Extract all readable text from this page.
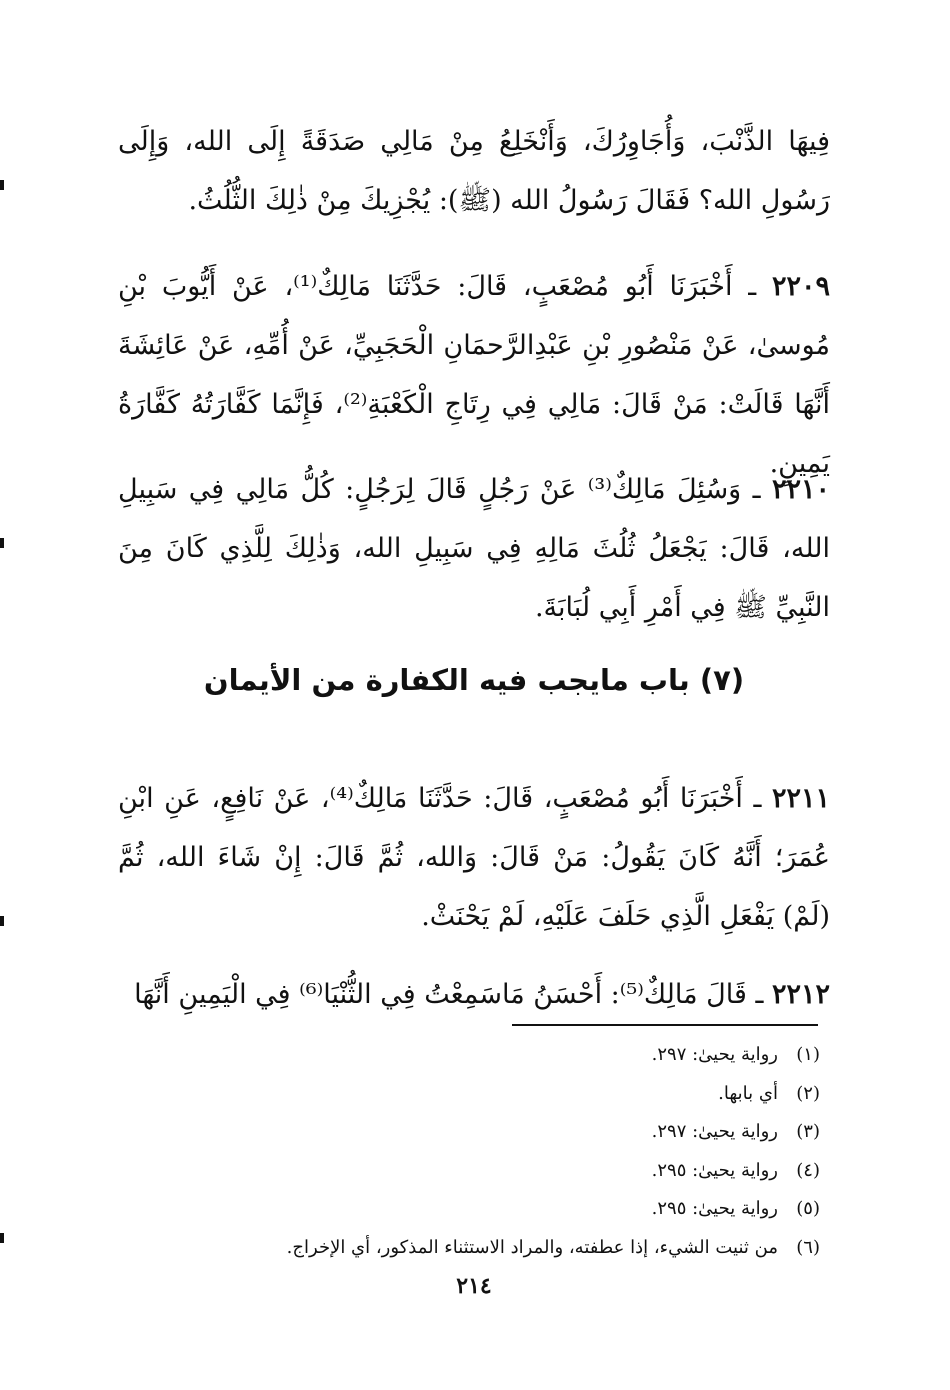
فِيهَا الذَّنْبَ، وَأُجَاوِرُكَ، وَأَنْخَلِعُ مِنْ مَالِي صَدَقَةً إِلَى الله، وَإِلَى رَسُولِ الله؟ فَقَالَ رَسُولُ الله (ﷺ): يُجْزِيكَ مِنْ ذٰلِكَ الثُّلُثُ.

٢٢٠٩ ـ أَخْبَرَنَا أَبُو مُصْعَبٍ، قَالَ: حَدَّثَنَا مَالِكٌ⁽¹⁾، عَنْ أَيُّوبَ بْنِ مُوسىٰ، عَنْ مَنْصُورِ بْنِ عَبْدِالرَّحمَانِ الْحَجَبِيِّ، عَنْ أُمِّهِ، عَنْ عَائِشَةَ أَنَّهَا قَالَتْ: مَنْ قَالَ: مَالِي فِي رِتَاجِ الْكَعْبَةِ⁽²⁾، فَإِنَّمَا كَفَّارَتُهُ كَفَّارَةُ يَمِينٍ.

٢٢١٠ ـ وَسُئِلَ مَالِكٌ⁽³⁾ عَنْ رَجُلٍ قَالَ لِرَجُلٍ: كُلُّ مَالِي فِي سَبِيلِ الله، قَالَ: يَجْعَلُ ثُلُثَ مَالِهِ فِي سَبِيلِ الله، وَذٰلِكَ لِلَّذِي كَانَ مِنَ النَّبِيِّ ﷺ فِي أَمْرِ أَبِي لُبَابَةَ.

(٧) باب مايجب فيه الكفارة من الأيمان

٢٢١١ ـ أَخْبَرَنَا أَبُو مُصْعَبٍ، قَالَ: حَدَّثَنَا مَالِكٌ⁽⁴⁾، عَنْ نَافِعٍ، عَنِ ابْنِ عُمَرَ؛ أَنَّهُ كَانَ يَقُولُ: مَنْ قَالَ: وَالله، ثُمَّ قَالَ: إِنْ شَاءَ الله، ثُمَّ (لَمْ) يَفْعَلِ الَّذِي حَلَفَ عَلَيْهِ، لَمْ يَحْنَثْ.

٢٢١٢ ـ قَالَ مَالِكٌ⁽⁵⁾: أَحْسَنُ مَاسَمِعْتُ فِي الثُّنْيَا⁽⁶⁾ فِي الْيَمِينِ أَنَّهَا

(١)رواية يحيىٰ: ٢٩٧.
(٢)أي بابها.
(٣)رواية يحيىٰ: ٢٩٧.
(٤)رواية يحيىٰ: ٢٩٥.
(٥)رواية يحيىٰ: ٢٩٥.
(٦)من ثنيت الشيء، إذا عطفته، والمراد الاستثناء المذكور، أي الإخراج.
٢١٤
